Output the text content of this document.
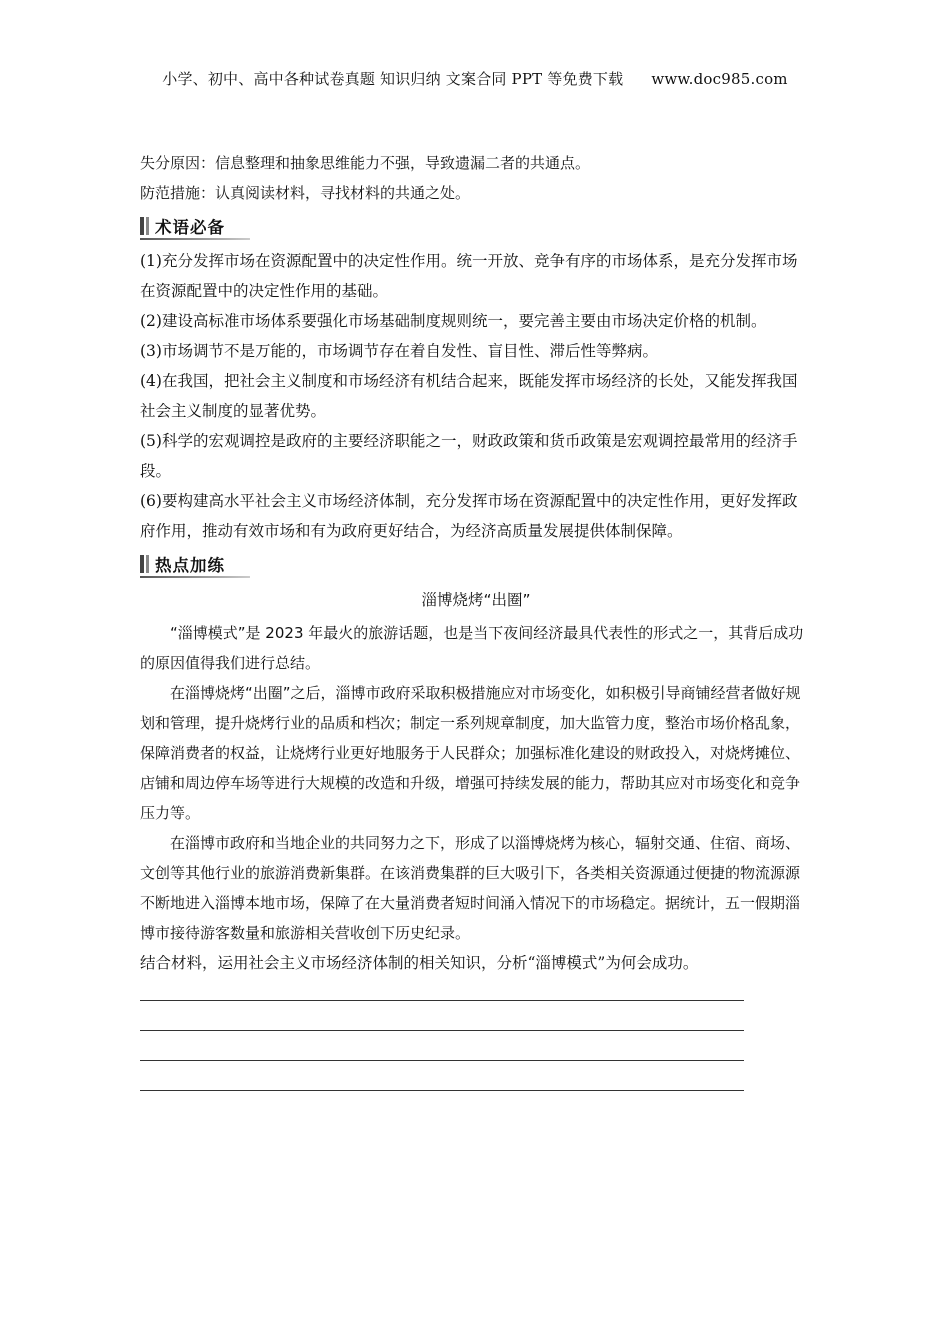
小学、初中、高中各种试卷真题 知识归纳 文案合同 PPT 等免费下载 www.doc985.com

失分原因：信息整理和抽象思维能力不强，导致遗漏二者的共通点。

防范措施：认真阅读材料，寻找材料的共通之处。

术语必备

(1)充分发挥市场在资源配置中的决定性作用。统一开放、竞争有序的市场体系，是充分发挥市场在资源配置中的决定性作用的基础。

(2)建设高标准市场体系要强化市场基础制度规则统一，要完善主要由市场决定价格的机制。

(3)市场调节不是万能的，市场调节存在着自发性、盲目性、滞后性等弊病。

(4)在我国，把社会主义制度和市场经济有机结合起来，既能发挥市场经济的长处，又能发挥我国社会主义制度的显著优势。

(5)科学的宏观调控是政府的主要经济职能之一，财政政策和货币政策是宏观调控最常用的经济手段。

(6)要构建高水平社会主义市场经济体制，充分发挥市场在资源配置中的决定性作用，更好发挥政府作用，推动有效市场和有为政府更好结合，为经济高质量发展提供体制保障。

热点加练
淄博烧烤“出圈”

“淄博模式”是 2023 年最火的旅游话题，也是当下夜间经济最具代表性的形式之一，其背后成功的原因值得我们进行总结。

在淄博烧烤“出圈”之后，淄博市政府采取积极措施应对市场变化，如积极引导商铺经营者做好规划和管理，提升烧烤行业的品质和档次；制定一系列规章制度，加大监管力度，整治市场价格乱象，保障消费者的权益，让烧烤行业更好地服务于人民群众；加强标准化建设的财政投入，对烧烤摊位、店铺和周边停车场等进行大规模的改造和升级，增强可持续发展的能力，帮助其应对市场变化和竞争压力等。

在淄博市政府和当地企业的共同努力之下，形成了以淄博烧烤为核心，辐射交通、住宿、商场、文创等其他行业的旅游消费新集群。在该消费集群的巨大吸引下，各类相关资源通过便捷的物流源源不断地进入淄博本地市场，保障了在大量消费者短时间涌入情况下的市场稳定。据统计，五一假期淄博市接待游客数量和旅游相关营收创下历史纪录。

结合材料，运用社会主义市场经济体制的相关知识，分析“淄博模式”为何会成功。
